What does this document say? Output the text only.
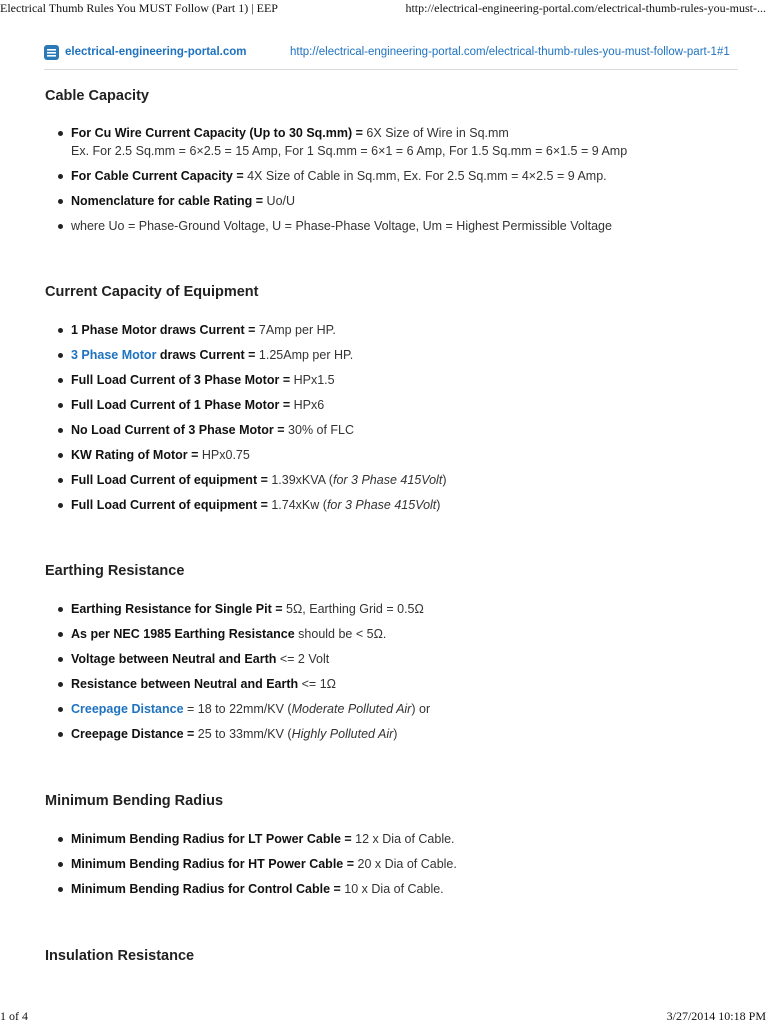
Electrical Thumb Rules You MUST Follow (Part 1) | EEP	http://electrical-engineering-portal.com/electrical-thumb-rules-you-must-...
electrical-engineering-portal.com	http://electrical-engineering-portal.com/electrical-thumb-rules-you-must-follow-part-1#1
Cable Capacity
For Cu Wire Current Capacity (Up to 30 Sq.mm) = 6X Size of Wire in Sq.mm
Ex. For 2.5 Sq.mm = 6×2.5 = 15 Amp, For 1 Sq.mm = 6×1 = 6 Amp, For 1.5 Sq.mm = 6×1.5 = 9 Amp
For Cable Current Capacity = 4X Size of Cable in Sq.mm, Ex. For 2.5 Sq.mm = 4×2.5 = 9 Amp.
Nomenclature for cable Rating = Uo/U
where Uo = Phase-Ground Voltage, U = Phase-Phase Voltage, Um = Highest Permissible Voltage
Current Capacity of Equipment
1 Phase Motor draws Current = 7Amp per HP.
3 Phase Motor draws Current = 1.25Amp per HP.
Full Load Current of 3 Phase Motor = HPx1.5
Full Load Current of 1 Phase Motor = HPx6
No Load Current of 3 Phase Motor = 30% of FLC
KW Rating of Motor = HPx0.75
Full Load Current of equipment = 1.39xKVA (for 3 Phase 415Volt)
Full Load Current of equipment = 1.74xKw (for 3 Phase 415Volt)
Earthing Resistance
Earthing Resistance for Single Pit = 5Ω, Earthing Grid = 0.5Ω
As per NEC 1985 Earthing Resistance should be < 5Ω.
Voltage between Neutral and Earth <= 2 Volt
Resistance between Neutral and Earth <= 1Ω
Creepage Distance = 18 to 22mm/KV (Moderate Polluted Air) or
Creepage Distance = 25 to 33mm/KV (Highly Polluted Air)
Minimum Bending Radius
Minimum Bending Radius for LT Power Cable = 12 x Dia of Cable.
Minimum Bending Radius for HT Power Cable = 20 x Dia of Cable.
Minimum Bending Radius for Control Cable = 10 x Dia of Cable.
Insulation Resistance
1 of 4	3/27/2014 10:18 PM
